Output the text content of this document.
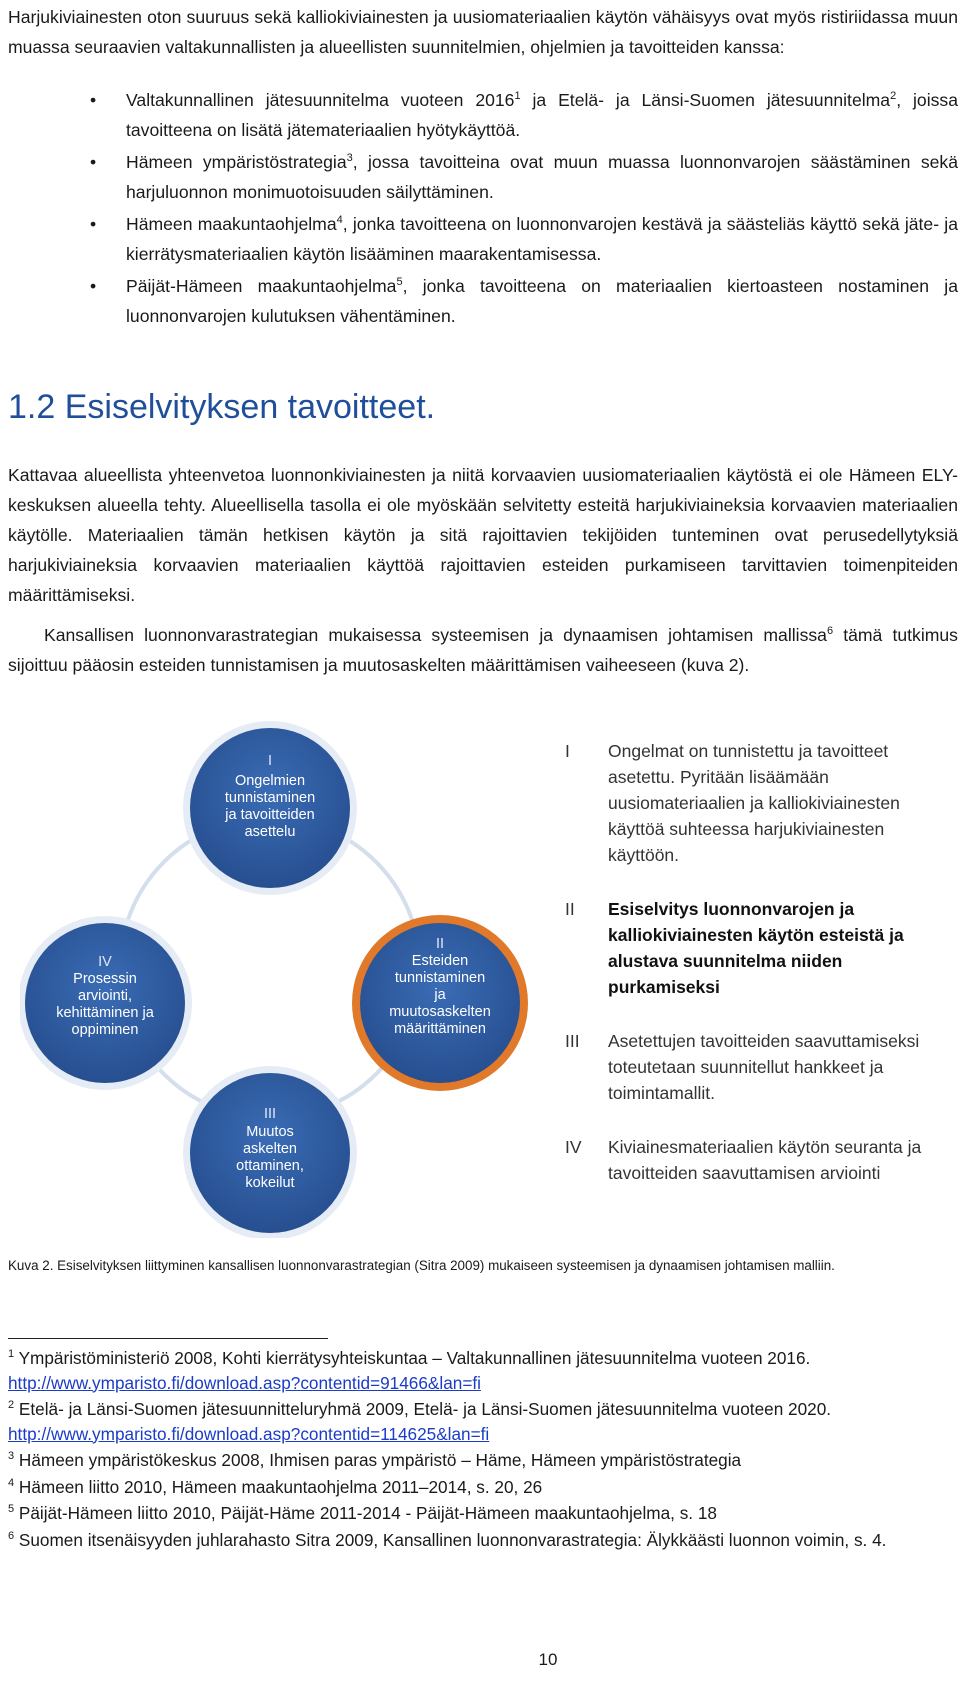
Harjukiviainesten oton suuruus sekä kalliokiviainesten ja uusiomateriaalien käytön vähäisyys ovat myös ristiriidassa muun muassa seuraavien valtakunnallisten ja alueellisten suunnitelmien, ohjelmien ja tavoitteiden kanssa:

• Valtakunnallinen jätesuunnitelma vuoteen 2016$^1$ ja Etelä- ja Länsi-Suomen jätesuunnitelma$^2$, joissa tavoitteena on lisätä jätemateriaalien hyötykäyttöä.
• Hämeen ympäristöstrategia$^3$, jossa tavoitteina ovat muun muassa luonnonvarojen säästäminen sekä harjuluonnon monimuotoisuuden säilyttäminen.
• Hämeen maakuntaohjelma$^4$, jonka tavoitteena on luonnonvarojen kestävä ja säästeliäs käyttö sekä jäte- ja kierrätysmateriaalien käytön lisääminen maarakentamisessa.
• Päijät-Hämeen maakuntaohjelma$^5$, jonka tavoitteena on materiaalien kiertoasteen nostaminen ja luonnonvarojen kulutuksen vähentäminen.
1.2 Esiselvityksen tavoitteet.

Kattavaa alueellista yhteenvetoa luonnonkiviainesten ja niitä korvaavien uusiomateriaalien käytöstä ei ole Hämeen ELY-keskuksen alueella tehty. Alueellisella tasolla ei ole myöskään selvitetty esteitä harjukiviaineksia korvaavien materiaalien käytölle. Materiaalien tämän hetkisen käytön ja sitä rajoittavien tekijöiden tunteminen ovat perusedellytyksiä harjukiviaineksia korvaavien materiaalien käyttöä rajoittavien esteiden purkamiseen tarvittavien toimenpiteiden määrittämiseksi.

Kansallisen luonnonvarastrategian mukaisessa systeemisen ja dynaamisen johtamisen mallissa$^6$ tämä tutkimus sijoittuu pääosin esteiden tunnistamisen ja muutosaskelten määrittämisen vaiheeseen (kuva 2).

I
Ongelmien
tunnistaminen
ja tavoitteiden
asettelu
IV
Prosessin
arviointi,
kehittäminen ja
oppiminen
II
Esteiden
tunnistaminen
ja
muutosaskelten
määrittäminen
III
Muutos
askelten
ottaminen,
kokeilut
I Ongelmat on tunnistettu ja tavoitteet asetettu. Pyritään lisäämään uusiomateriaalien ja kalliokiviainesten käyttöä suhteessa harjukiviainesten käyttöön.
II Esiselvitys luonnonvarojen ja kalliokiviainesten käytön esteistä ja alustava suunnitelma niiden purkamiseksi
III Asetettujen tavoitteiden saavuttamiseksi toteutetaan suunnitellut hankkeet ja toimintamallit.
IV Kiviainesmateriaalien käytön seuranta ja tavoitteiden saavuttamisen arviointi

Kuva 2. Esiselvityksen liittyminen kansallisen luonnonvarastrategian (Sitra 2009) mukaiseen systeemisen ja dynaamisen johtamisen malliin.

$^1$ Ympäristöministeriö 2008, Kohti kierrätysyhteiskuntaa – Valtakunnallinen jätesuunnitelma vuoteen 2016. http://www.ymparisto.fi/download.asp?contentid=91466&lan=fi
$^2$ Etelä- ja Länsi-Suomen jätesuunnitteluryhmä 2009, Etelä- ja Länsi-Suomen jätesuunnitelma vuoteen 2020. http://www.ymparisto.fi/download.asp?contentid=114625&lan=fi
$^3$ Hämeen ympäristökeskus 2008, Ihmisen paras ympäristö – Häme, Hämeen ympäristöstrategia
$^4$ Hämeen liitto 2010, Hämeen maakuntaohjelma 2011–2014, s. 20, 26
$^5$ Päijät-Hämeen liitto 2010, Päijät-Häme 2011-2014 - Päijät-Hämeen maakuntaohjelma, s. 18
$^6$ Suomen itsenäisyyden juhlarahasto Sitra 2009, Kansallinen luonnonvarastrategia: Älykkäästi luonnon voimin, s. 4.
10
